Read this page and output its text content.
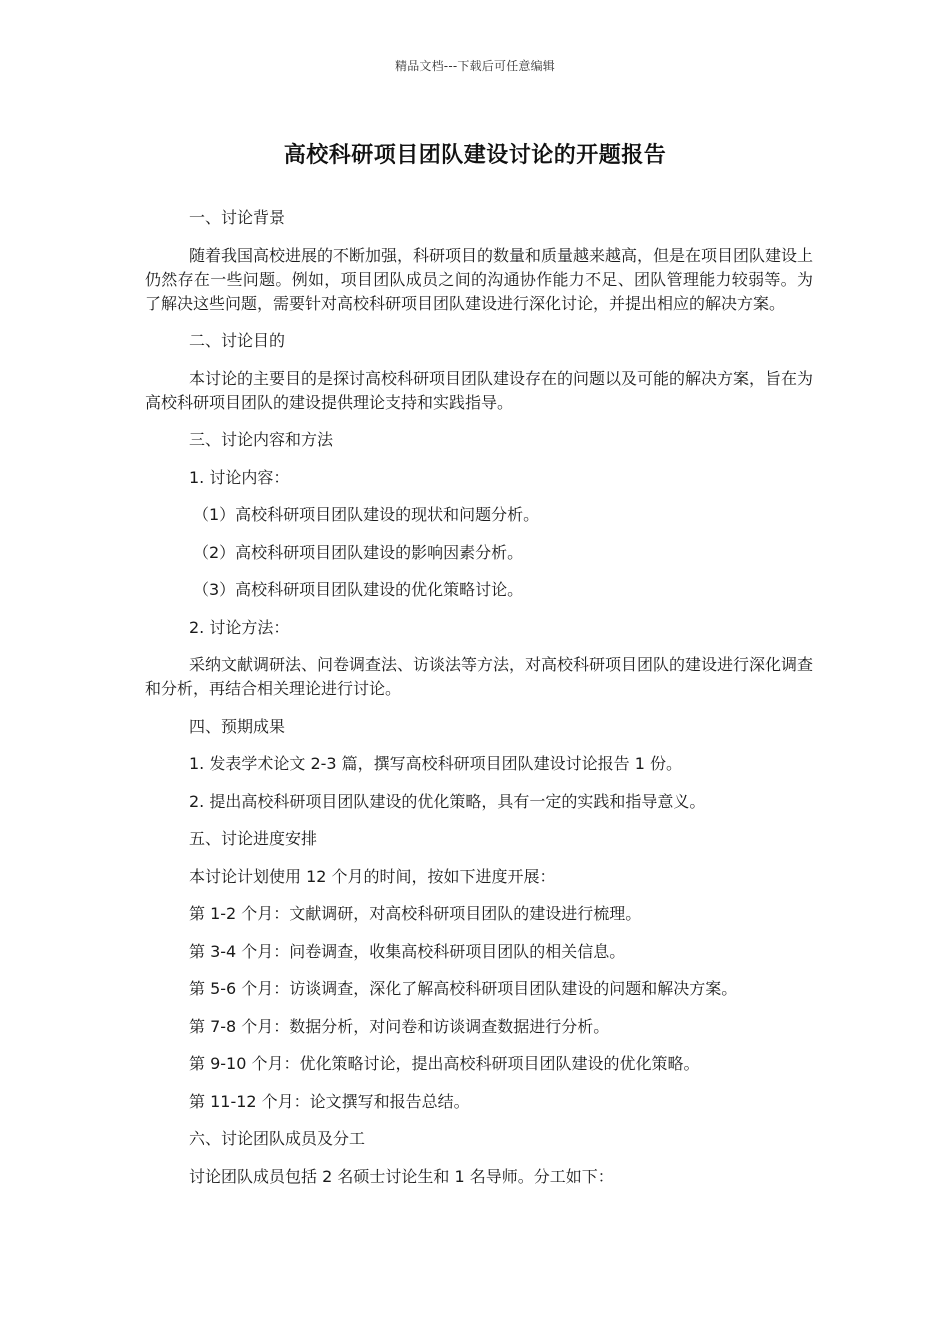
精品文档---下载后可任意编辑
高校科研项目团队建设讨论的开题报告

一、讨论背景

随着我国高校进展的不断加强，科研项目的数量和质量越来越高，但是在项目团队建设上仍然存在一些问题。例如，项目团队成员之间的沟通协作能力不足、团队管理能力较弱等。为了解决这些问题，需要针对高校科研项目团队建设进行深化讨论，并提出相应的解决方案。

二、讨论目的

本讨论的主要目的是探讨高校科研项目团队建设存在的问题以及可能的解决方案，旨在为高校科研项目团队的建设提供理论支持和实践指导。

三、讨论内容和方法

1. 讨论内容：

（1）高校科研项目团队建设的现状和问题分析。

（2）高校科研项目团队建设的影响因素分析。

（3）高校科研项目团队建设的优化策略讨论。

2. 讨论方法：

采纳文献调研法、问卷调查法、访谈法等方法，对高校科研项目团队的建设进行深化调查和分析，再结合相关理论进行讨论。

四、预期成果

1. 发表学术论文 2-3 篇，撰写高校科研项目团队建设讨论报告 1 份。

2. 提出高校科研项目团队建设的优化策略，具有一定的实践和指导意义。

五、讨论进度安排

本讨论计划使用 12 个月的时间，按如下进度开展：

第 1-2 个月：文献调研，对高校科研项目团队的建设进行梳理。

第 3-4 个月：问卷调查，收集高校科研项目团队的相关信息。

第 5-6 个月：访谈调查，深化了解高校科研项目团队建设的问题和解决方案。

第 7-8 个月：数据分析，对问卷和访谈调查数据进行分析。

第 9-10 个月：优化策略讨论，提出高校科研项目团队建设的优化策略。

第 11-12 个月：论文撰写和报告总结。

六、讨论团队成员及分工

讨论团队成员包括 2 名硕士讨论生和 1 名导师。分工如下：
